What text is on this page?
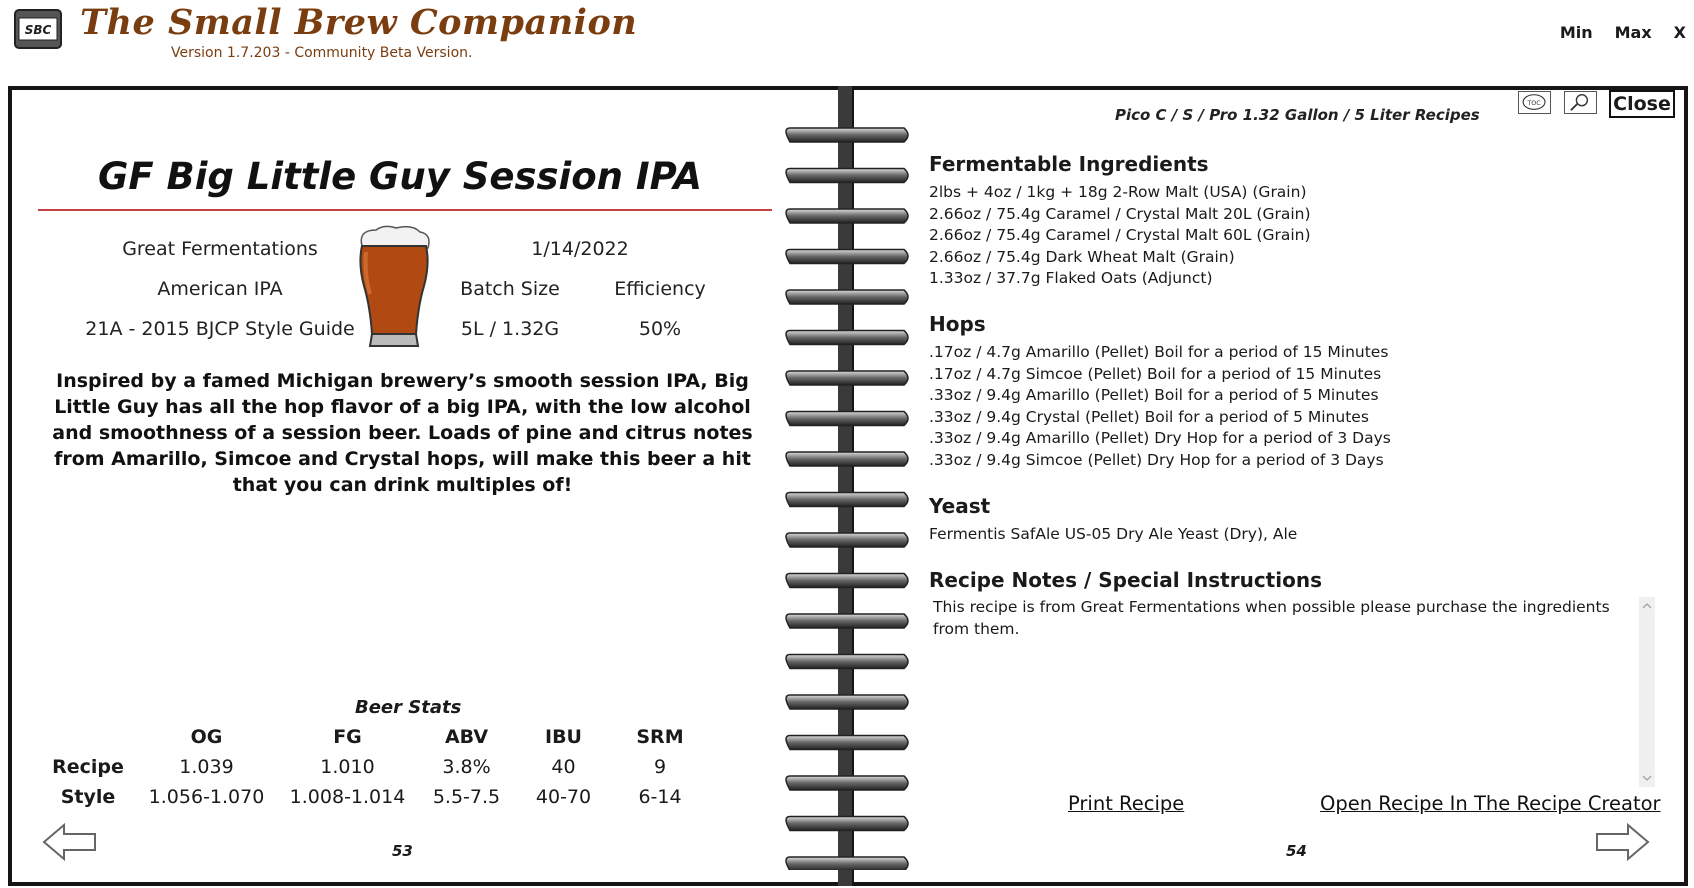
SBC The Small Brew Companion
Version 1.7.203 - Community Beta Version.
Min Max X
GF Big Little Guy Session IPA
Great Fermentations
American IPA
21A - 2015 BJCP Style Guide
1/14/2022
Batch Size
5L / 1.32G
Efficiency
50%
Inspired by a famed Michigan brewery’s smooth session IPA, Big Little Guy has all the hop flavor of a big IPA, with the low alcohol and smoothness of a session beer. Loads of pine and citrus notes from Amarillo, Simcoe and Crystal hops, will make this beer a hit that you can drink multiples of!
Beer Stats
	OG	FG	ABV	IBU	SRM
Recipe	1.039	1.010	3.8%	40	9
Style	1.056-1.070	1.008-1.014	5.5-7.5	40-70	6-14
53
Pico C / S / Pro 1.32 Gallon / 5 Liter Recipes
TOC	Close
Fermentable Ingredients
2lbs + 4oz / 1kg + 18g 2-Row Malt (USA) (Grain)
2.66oz / 75.4g Caramel / Crystal Malt 20L (Grain)
2.66oz / 75.4g Caramel / Crystal Malt 60L (Grain)
2.66oz / 75.4g Dark Wheat Malt (Grain)
1.33oz / 37.7g Flaked Oats (Adjunct)
Hops
.17oz / 4.7g Amarillo (Pellet) Boil for a period of 15 Minutes
.17oz / 4.7g Simcoe (Pellet) Boil for a period of 15 Minutes
.33oz / 9.4g Amarillo (Pellet) Boil for a period of 5 Minutes
.33oz / 9.4g Crystal (Pellet) Boil for a period of 5 Minutes
.33oz / 9.4g Amarillo (Pellet) Dry Hop for a period of 3 Days
.33oz / 9.4g Simcoe (Pellet) Dry Hop for a period of 3 Days
Yeast
Fermentis SafAle US-05 Dry Ale Yeast (Dry), Ale
Recipe Notes / Special Instructions
This recipe is from Great Fermentations when possible please purchase the ingredients from them.
Print Recipe	Open Recipe In The Recipe Creator
54
